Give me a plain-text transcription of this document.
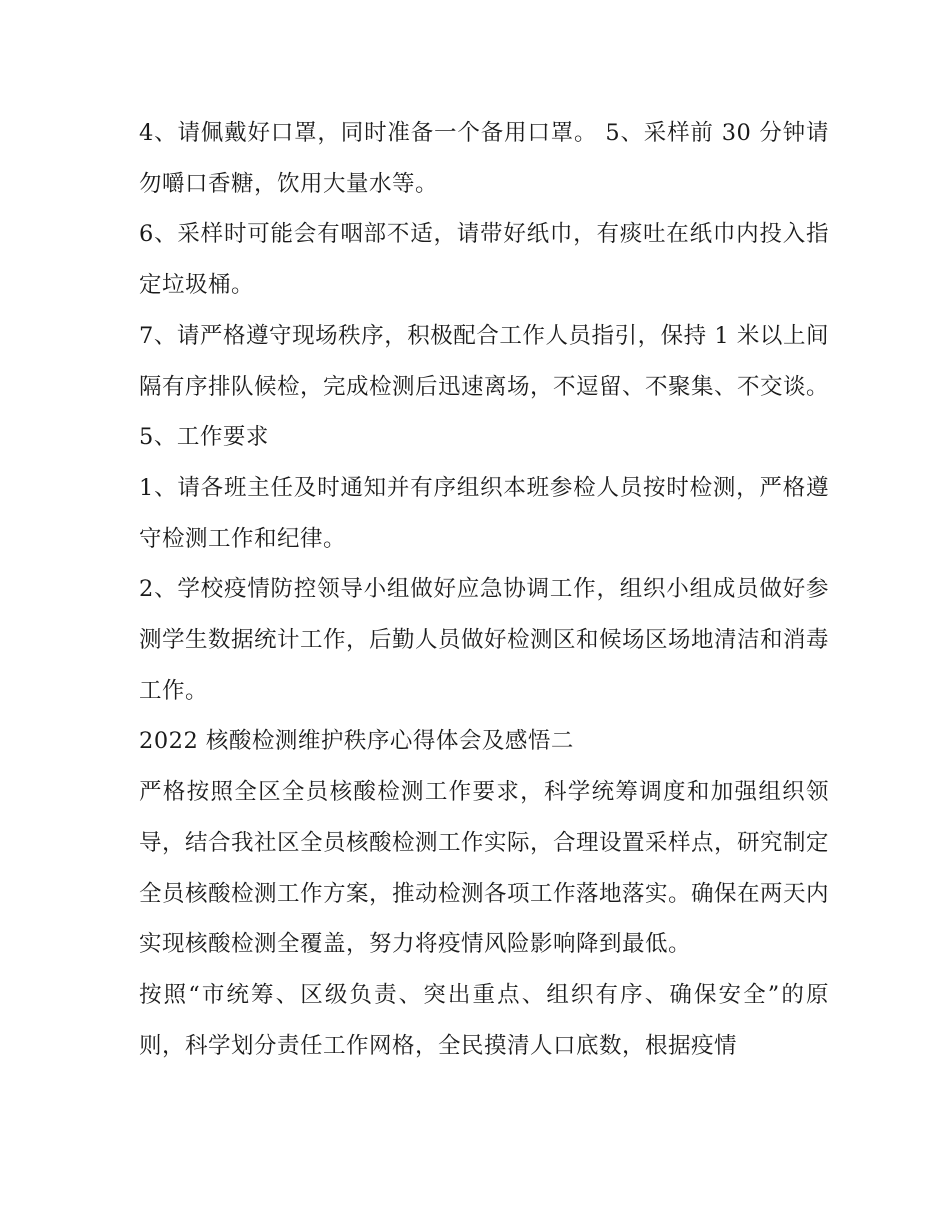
4、请佩戴好口罩，同时准备一个备用口罩。 5、采样前 30 分钟请勿嚼口香糖，饮用大量水等。

6、采样时可能会有咽部不适，请带好纸巾，有痰吐在纸巾内投入指定垃圾桶。

7、请严格遵守现场秩序，积极配合工作人员指引，保持 1 米以上间隔有序排队候检，完成检测后迅速离场，不逗留、不聚集、不交谈。 5、工作要求

1、请各班主任及时通知并有序组织本班参检人员按时检测，严格遵守检测工作和纪律。

2、学校疫情防控领导小组做好应急协调工作，组织小组成员做好参测学生数据统计工作，后勤人员做好检测区和候场区场地清洁和消毒工作。

2022 核酸检测维护秩序心得体会及感悟二

严格按照全区全员核酸检测工作要求，科学统筹调度和加强组织领导，结合我社区全员核酸检测工作实际，合理设置采样点，研究制定全员核酸检测工作方案，推动检测各项工作落地落实。确保在两天内实现核酸检测全覆盖，努力将疫情风险影响降到最低。

按照“市统筹、区级负责、突出重点、组织有序、确保安全”的原则，科学划分责任工作网格，全民摸清人口底数，根据疫情
